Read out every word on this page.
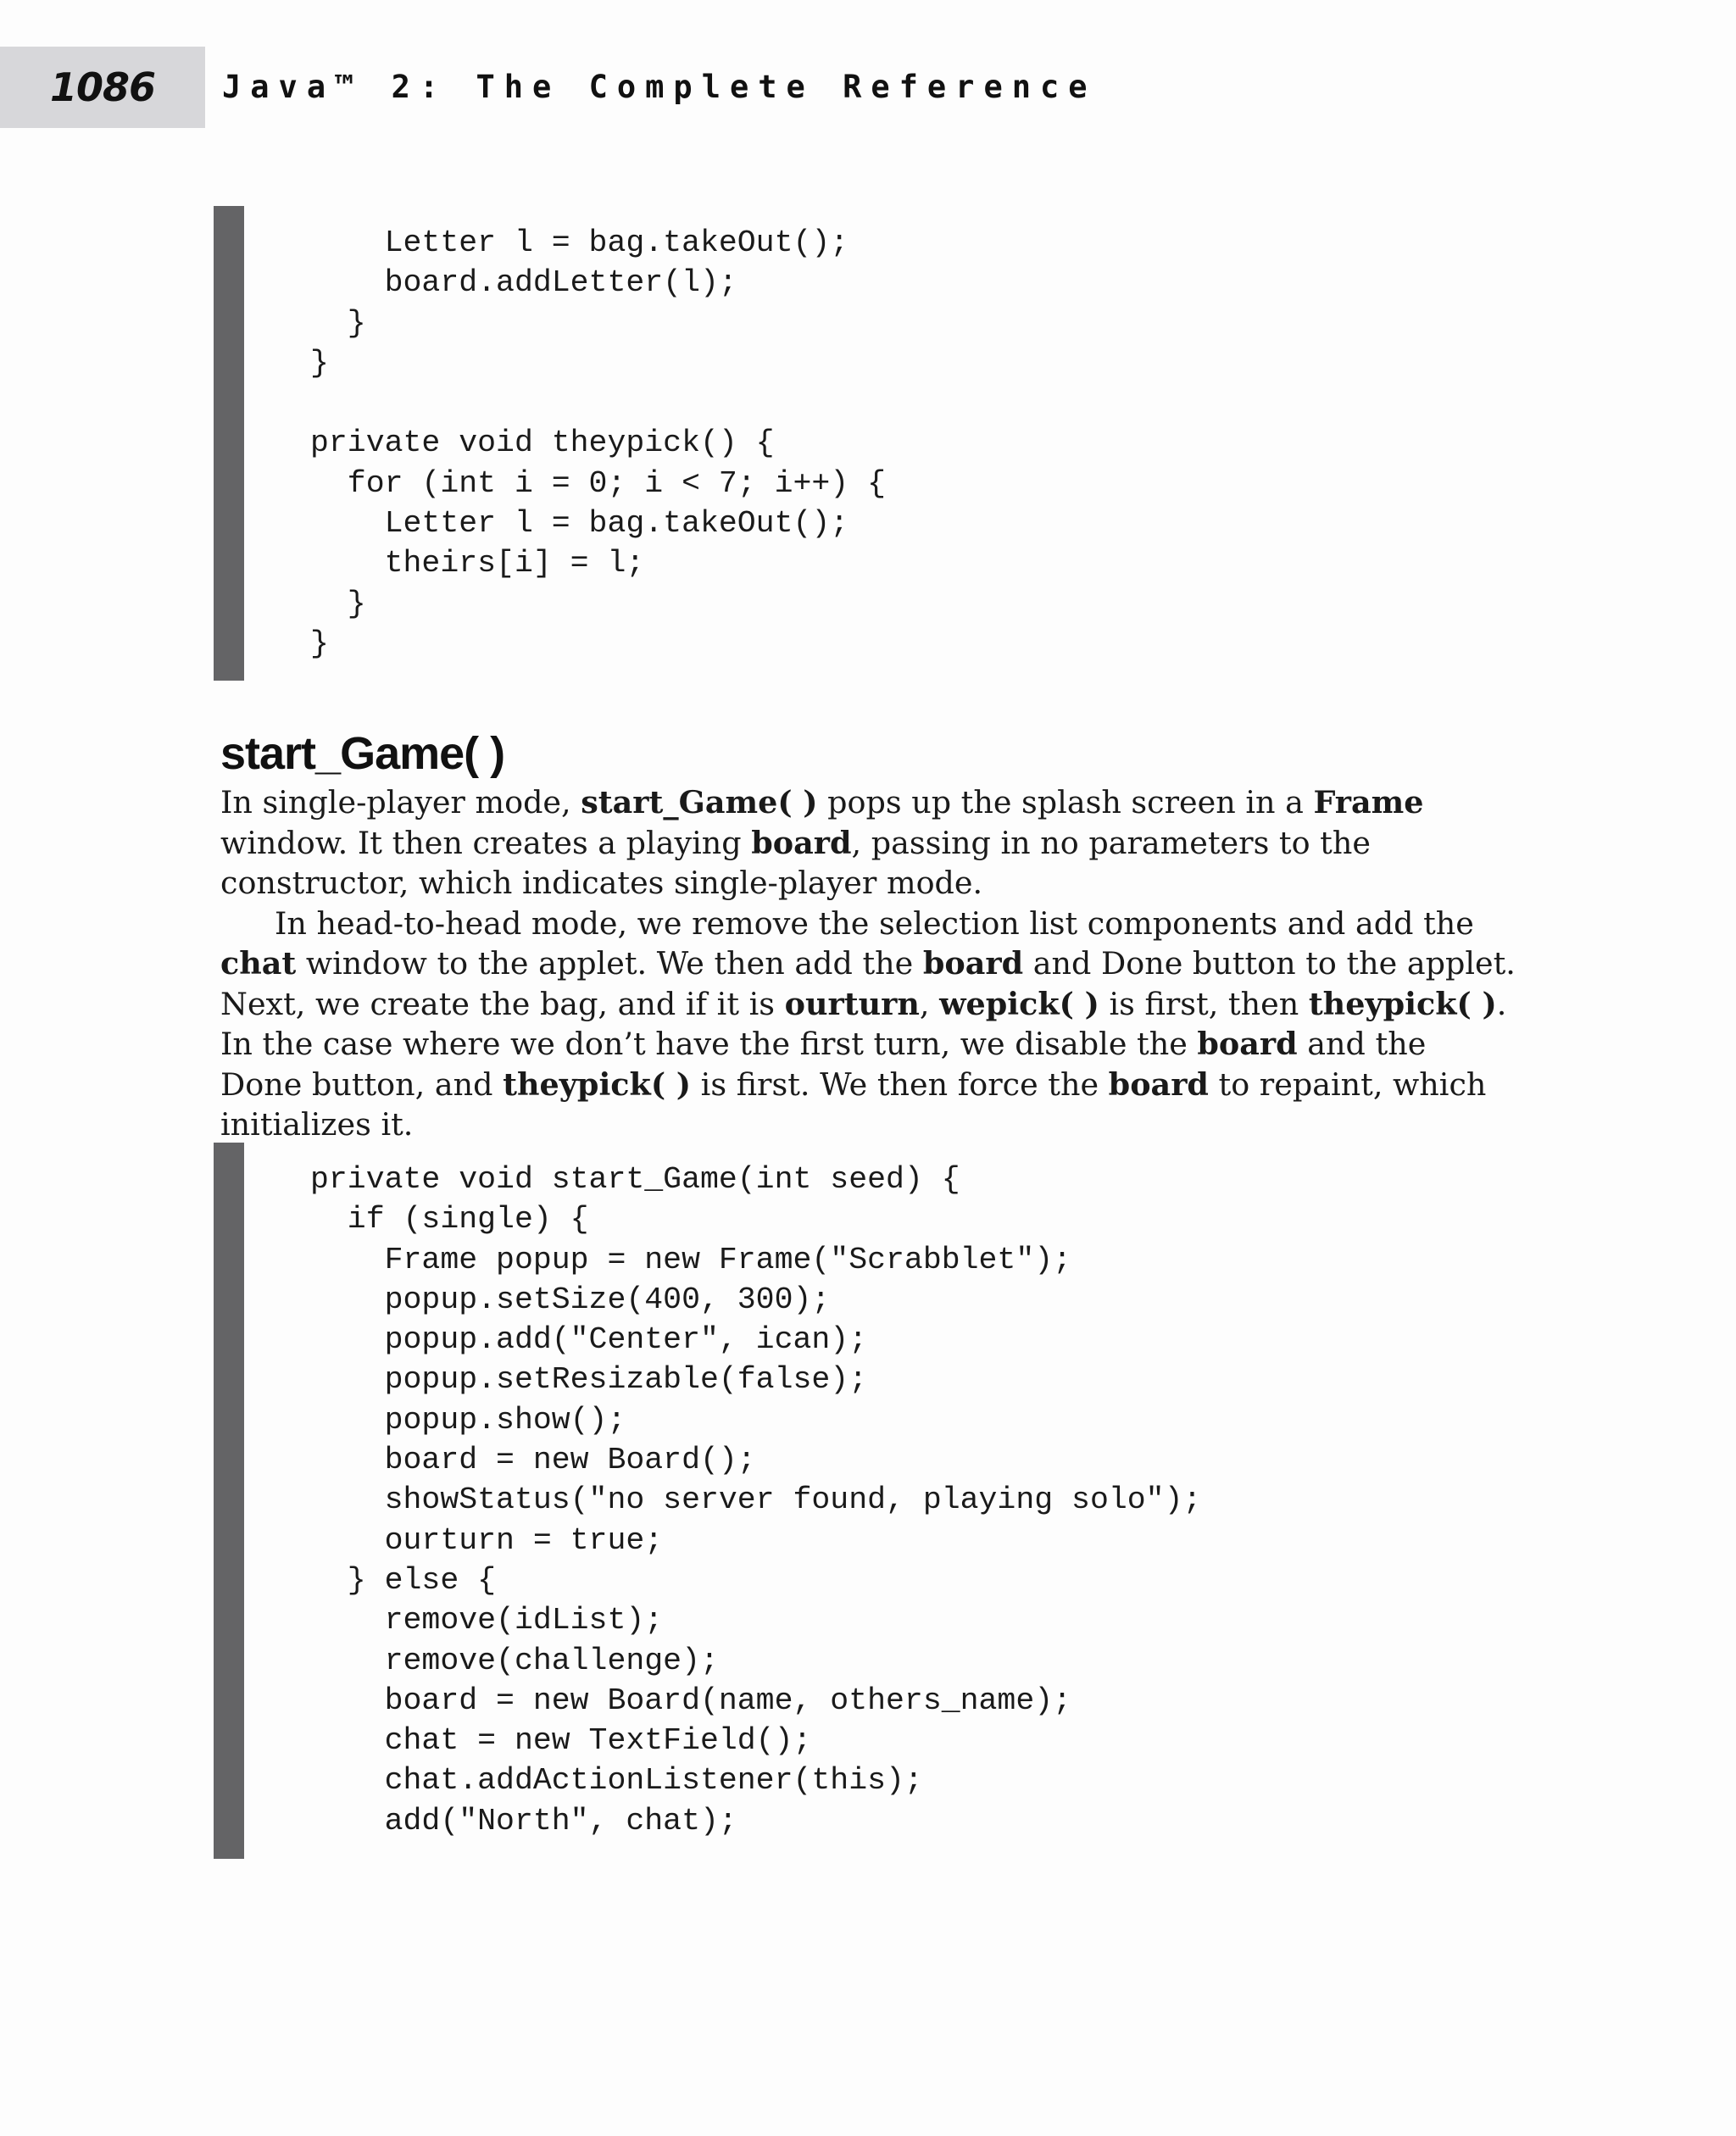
1086 Java™ 2: The Complete Reference
Letter l = bag.takeOut();
board.addLetter(l);
}
}

private void theypick() {
for (int i = 0; i < 7; i++) {
Letter l = bag.takeOut();
theirs[i] = l;
}
}
start_Game( )

In single-player mode, start_Game( ) pops up the splash screen in a Frame window. It then creates a playing board, passing in no parameters to the constructor, which indicates single-player mode.

In head-to-head mode, we remove the selection list components and add the chat window to the applet. We then add the board and Done button to the applet. Next, we create the bag, and if it is ourturn, wepick( ) is first, then theypick( ). In the case where we don’t have the first turn, we disable the board and the Done button, and theypick( ) is first. We then force the board to repaint, which initializes it.

private void start_Game(int seed) {
if (single) {
Frame popup = new Frame("Scrabblet");
popup.setSize(400, 300);
popup.add("Center", ican);
popup.setResizable(false);
popup.show();
board = new Board();
showStatus("no server found, playing solo");
ourturn = true;
} else {
remove(idList);
remove(challenge);
board = new Board(name, others_name);
chat = new TextField();
chat.addActionListener(this);
add("North", chat);
